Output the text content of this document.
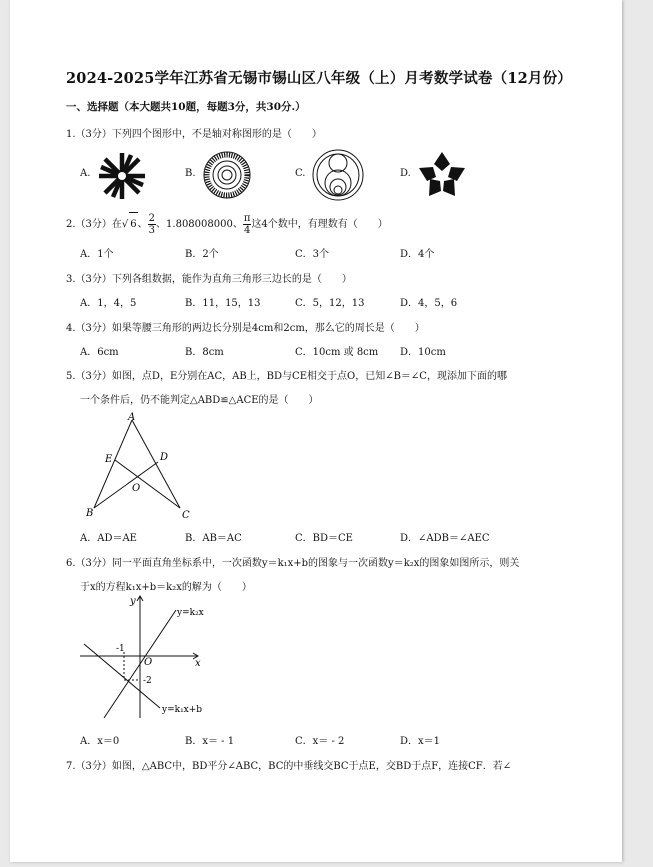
2024-2025学年江苏省无锡市锡山区八年级（上）月考数学试卷（12月份）
一、选择题（本大题共10题，每题3分，共30分.）
1.（3分）下列四个图形中，不是轴对称图形的是（　　）
A.	B.	C.	D.
2.（3分）在√ 6、 $\frac{2}{3}$ 、1.808008000、 $\frac{\pi}{4}$ 这4个数中，有理数有（　　）
A．1个	B．2个	C．3个	D．4个
3.（3分）下列各组数据，能作为直角三角形三边长的是（　　）
A．1，4，5	B．11，15，13	C．5，12，13	D．4，5，6
4.（3分）如果等腰三角形的两边长分别是4cm和2cm，那么它的周长是（　　）
A．6cm	B．8cm	C．10cm 或 8cm D．10cm
5.（3分）如图，点D，E分别在AC，AB上，BD与CE相交于点O，已知∠B＝∠C，现添加下面的哪
一个条件后，仍不能判定△ABD≌△ACE的是（　　）
A
B	C
D
E
O
A．AD＝AE	B．AB＝AC	C．BD＝CE	D．∠ADB＝∠AEC
6.（3分）同一平面直角坐标系中，一次函数y＝k₁x+b的图象与一次函数y＝k₂x的图象如图所示，则关
于x的方程k₁x+b＝k₂x的解为（　　）
y
x
O
-1
-2
y=k₂x
y=k₁x+b
A．x＝0	B．x＝ - 1	C．x＝ - 2	D．x＝1
7.（3分）如图，△ABC中，BD平分∠ABC，BC的中垂线交BC于点E，交BD于点F，连接CF．若∠
